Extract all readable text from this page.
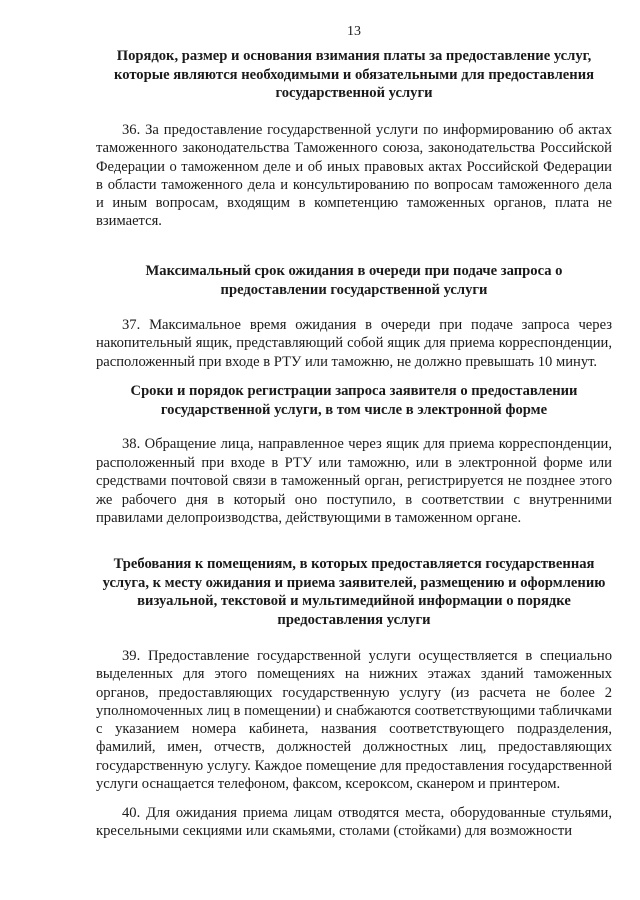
13
Порядок, размер и основания взимания платы за предоставление услуг, которые являются необходимыми и обязательными для предоставления государственной услуги
36. За предоставление государственной услуги по информированию об актах таможенного законодательства Таможенного союза, законодательства Российской Федерации о таможенном деле и об иных правовых актах Российской Федерации в области таможенного дела и консультированию по вопросам таможенного дела и иным вопросам, входящим в компетенцию таможенных органов, плата не взимается.
Максимальный срок ожидания в очереди при подаче запроса о предоставлении государственной услуги
37. Максимальное время ожидания в очереди при подаче запроса через накопительный ящик, представляющий собой ящик для приема корреспонденции, расположенный при входе в РТУ или таможню, не должно превышать 10 минут.
Сроки и порядок регистрации запроса заявителя о предоставлении государственной услуги, в том числе в электронной форме
38. Обращение лица, направленное через ящик для приема корреспонденции, расположенный при входе в РТУ или таможню, или в электронной форме или средствами почтовой связи в таможенный орган, регистрируется не позднее этого же рабочего дня в который оно поступило, в соответствии с внутренними правилами делопроизводства, действующими в таможенном органе.
Требования к помещениям, в которых предоставляется государственная услуга, к месту ожидания и приема заявителей, размещению и оформлению визуальной, текстовой и мультимедийной информации о порядке предоставления услуги
39. Предоставление государственной услуги осуществляется в специально выделенных для этого помещениях на нижних этажах зданий таможенных органов, предоставляющих государственную услугу (из расчета не более 2 уполномоченных лиц в помещении) и снабжаются соответствующими табличками с указанием номера кабинета, названия соответствующего подразделения, фамилий, имен, отчеств, должностей должностных лиц, предоставляющих государственную услугу. Каждое помещение для предоставления государственной услуги оснащается телефоном, факсом, ксероксом, сканером и принтером.
40. Для ожидания приема лицам отводятся места, оборудованные стульями, кресельными секциями или скамьями, столами (стойками) для возможности
